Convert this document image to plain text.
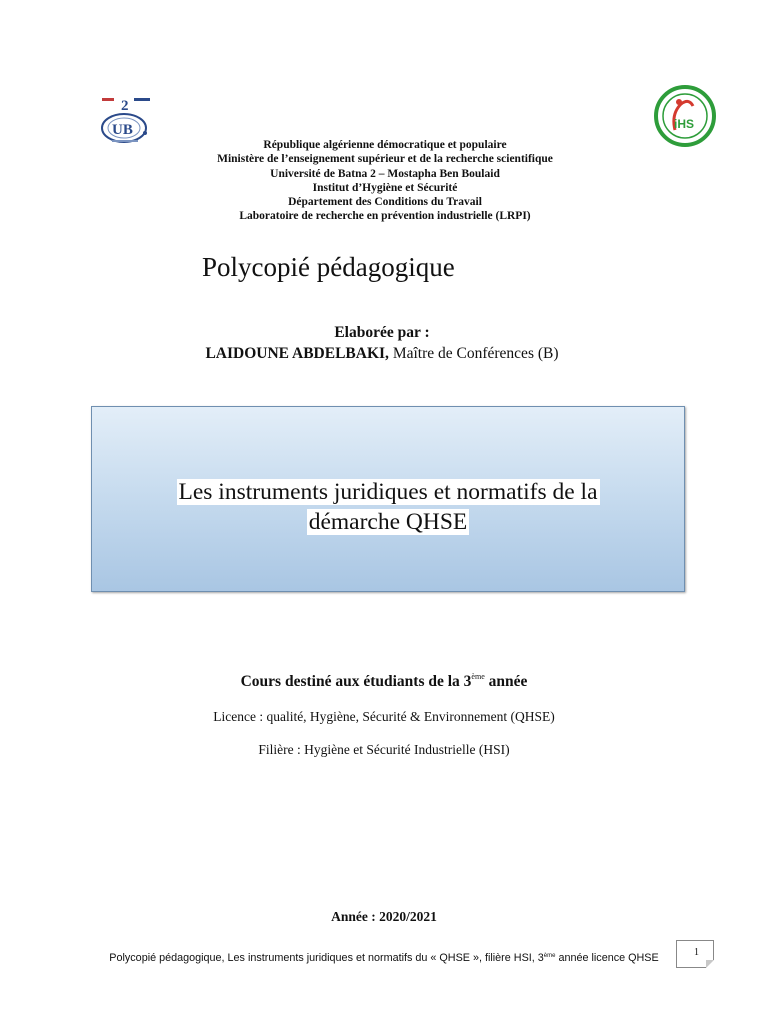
2
UB	iHS
République algérienne démocratique et populaire
Ministère de l’enseignement supérieur et de la recherche scientifique
Université de Batna 2 – Mostapha Ben Boulaid
Institut d’Hygiène et Sécurité
Département des Conditions du Travail
Laboratoire de recherche en prévention industrielle (LRPI)
Polycopié pédagogique
Elaborée par :
LAIDOUNE ABDELBAKI, Maître de Conférences (B)
Les instruments juridiques et normatifs de la
démarche QHSE
Cours destiné aux étudiants de la 3ème année
Licence : qualité, Hygiène, Sécurité & Environnement (QHSE)
Filière : Hygiène et Sécurité Industrielle (HSI)
Année : 2020/2021
Polycopié pédagogique, Les instruments juridiques et normatifs du « QHSE », filière HSI, 3ème année licence QHSE	1
